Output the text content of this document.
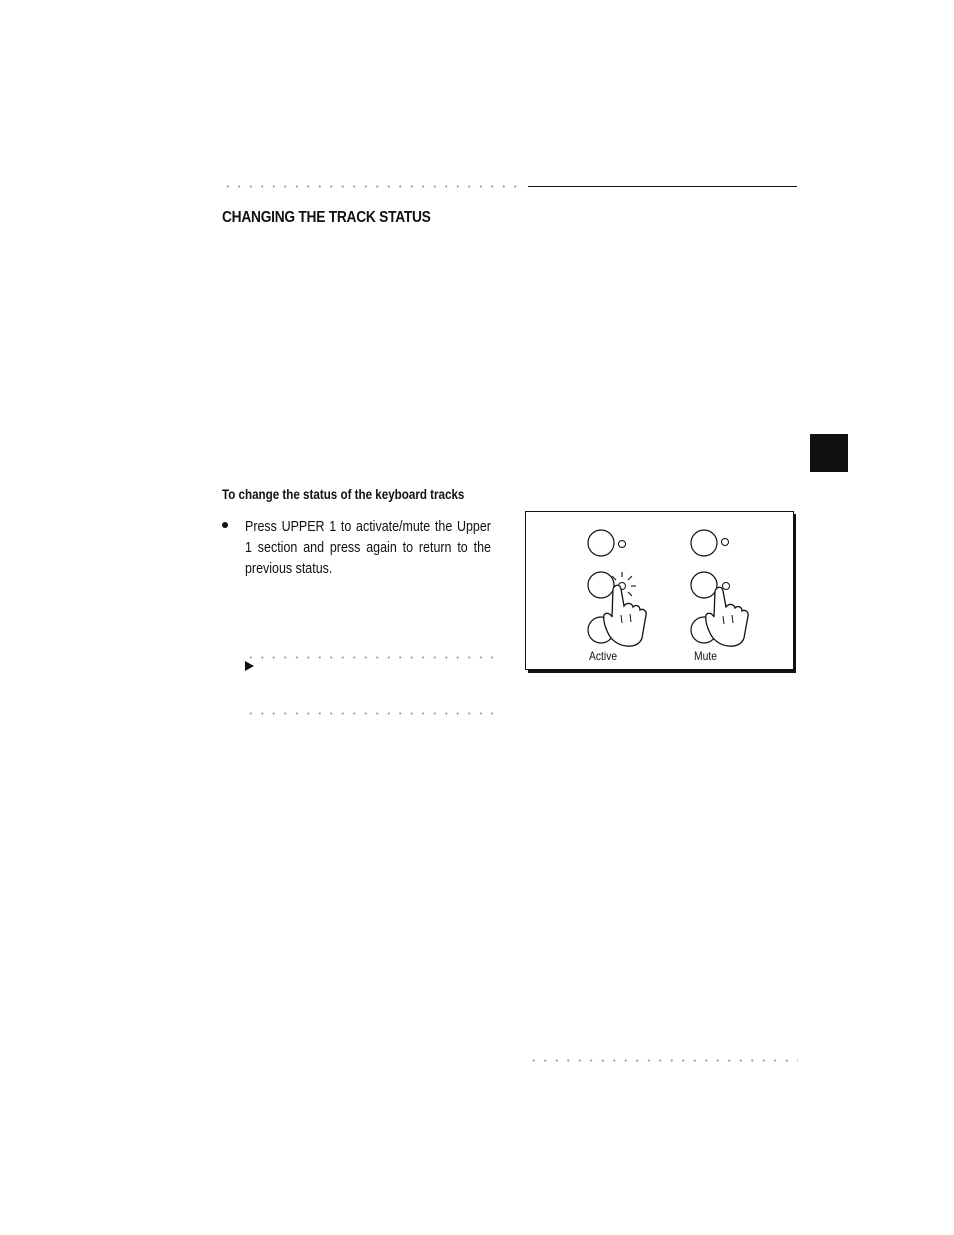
CHANGING THE TRACK STATUS
To change the status of the keyboard tracks
Press UPPER 1 to activate/mute the Upper 1 section and press again to return to the previous status.
Active	Mute
